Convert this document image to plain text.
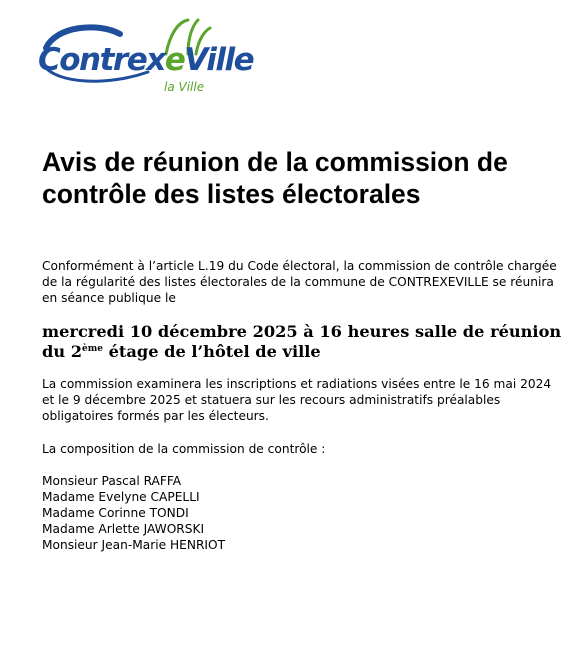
ContrexeVille
la Ville
Avis de réunion de la commission de contrôle des listes électorales

Conformément à l’article L.19 du Code électoral, la commission de contrôle chargée de la régularité des listes électorales de la commune de CONTREXEVILLE se réunira en séance publique le

mercredi 10 décembre 2025 à 16 heures salle de réunion
du 2ème étage de l’hôtel de ville

La commission examinera les inscriptions et radiations visées entre le 16 mai 2024 et le 9 décembre 2025 et statuera sur les recours administratifs préalables obligatoires formés par les électeurs.

La composition de la commission de contrôle :

Monsieur Pascal RAFFA
Madame Evelyne CAPELLI
Madame Corinne TONDI
Madame Arlette JAWORSKI
Monsieur Jean-Marie HENRIOT
